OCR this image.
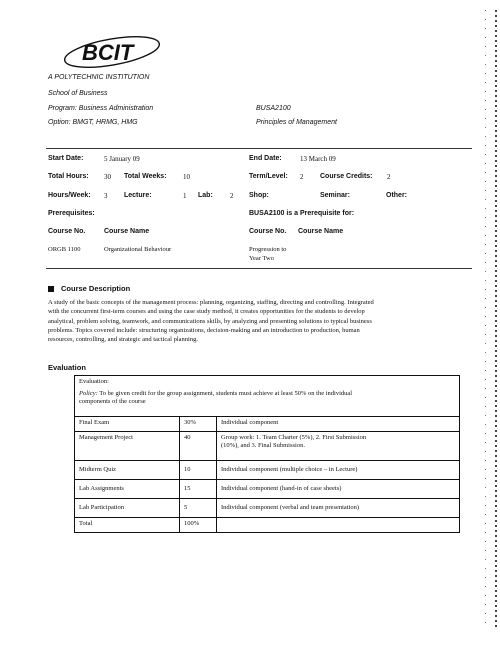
BCIT
A POLYTECHNIC INSTITUTION
School of Business
Program: Business Administration
Option: BMGT, HRMG, HMG
BUSA2100
Principles of Management
Start Date:	5 January 09	End Date:	13 March 09
Total Hours: 30 Total Weeks: 10	Term/Level: 2 Course Credits: 2
Hours/Week: 3 Lecture:	1 Lab: 2 Shop:	Seminar:	Other:
Prerequisites:	BUSA2100 is a Prerequisite for:
Course No.	Course Name	Course No. Course Name
ORGB 1100	Organizational Behaviour	Progression to
Year Two
Course Description
A study of the basic concepts of the management process: planning, organizing, staffing, directing and controlling. Integrated
with the concurrent first-term courses and using the case study method, it creates opportunities for the students to develop
analytical, problem solving, teamwork, and communications skills, by analyzing and presenting solutions to typical business
problems. Topics covered include: structuring organizations, decision-making and an introduction to production, human
resources, controlling, and strategic and tactical planning.
Evaluation
Evaluation:
Policy: To be given credit for the group assignment, students must achieve at least 50% on the individual
components of the course		

Final Exam	30%	Individual component
Management Project	40	Group work: 1. Team Charter (5%), 2. First Submission
(10%), and 3. Final Submission.

Midterm Quiz	10	Individual component (multiple choice – in Lecture)
Lab Assignments	15	Individual component (hand-in of case sheets)
Lab Participation	5	Individual component (verbal and team presentation)
Total	100%	
